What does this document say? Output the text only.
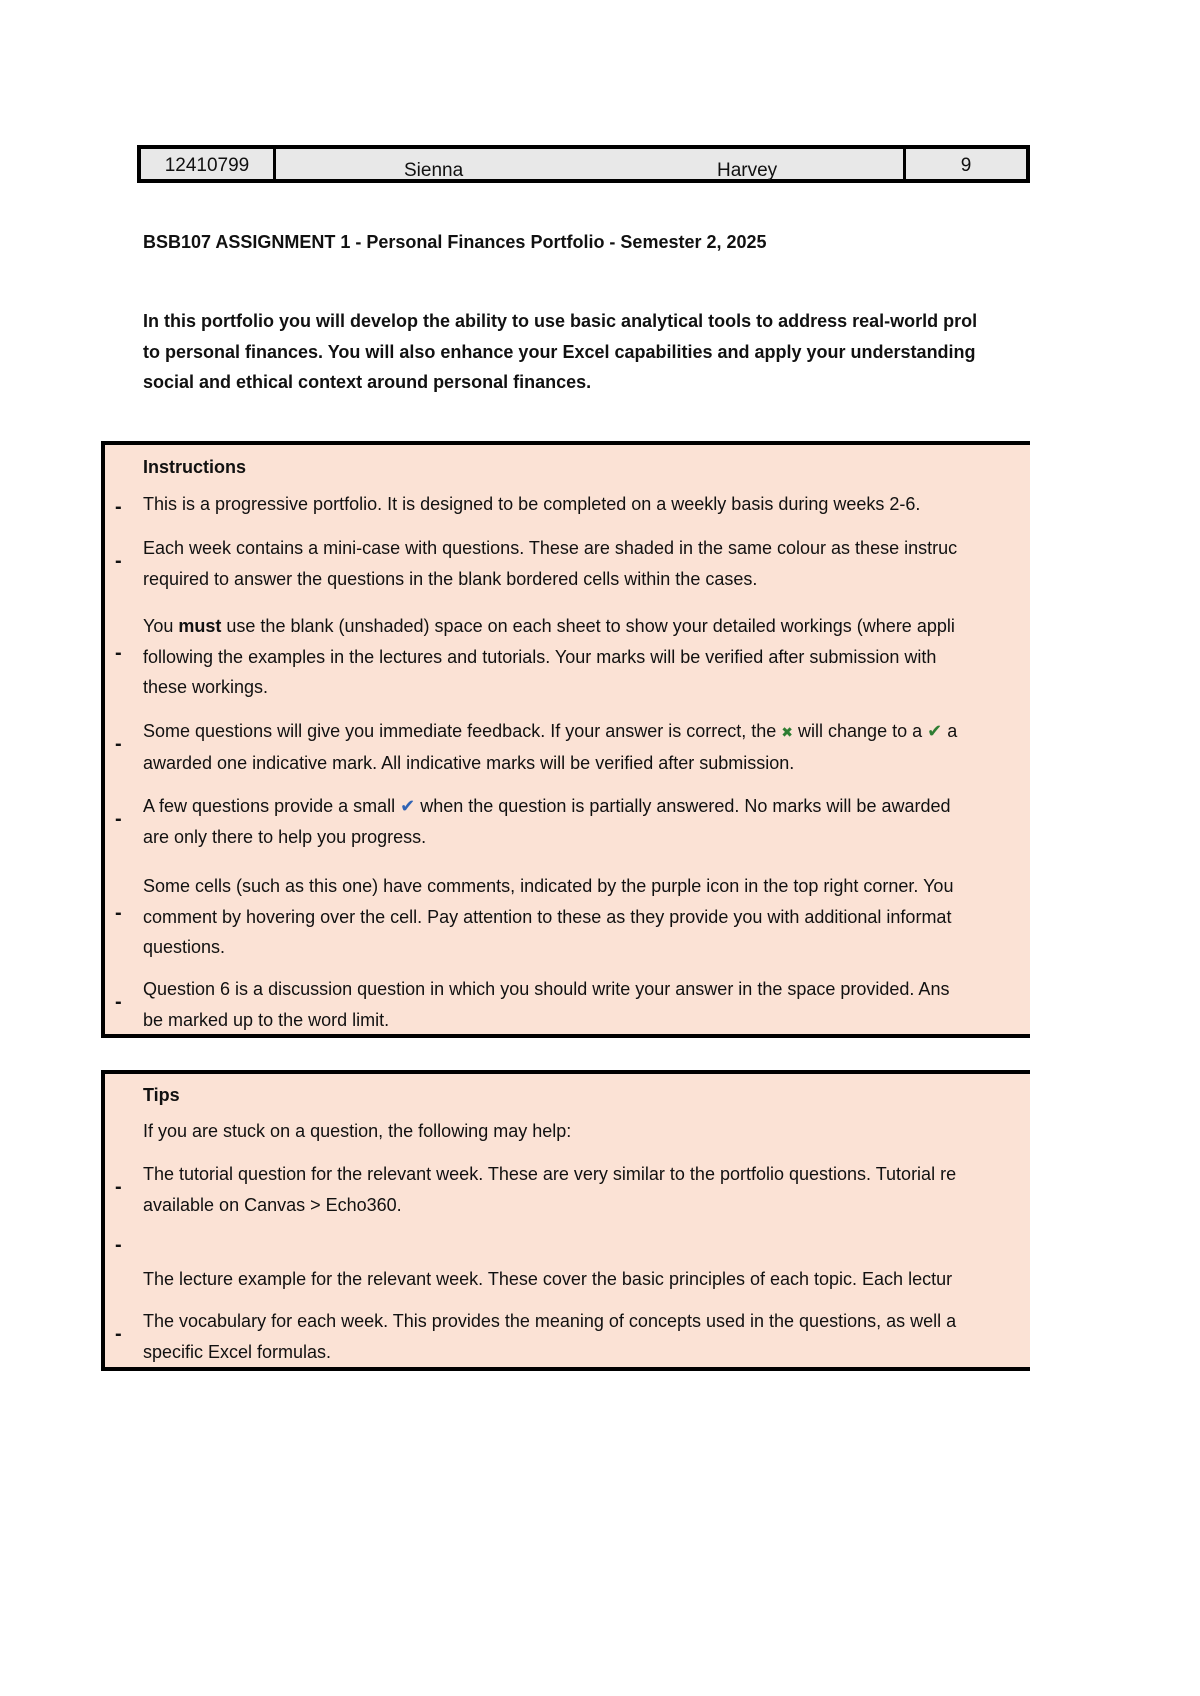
12410799	Sienna	Harvey	9
BSB107 ASSIGNMENT 1 - Personal Finances Portfolio - Semester 2, 2025
In this portfolio you will develop the ability to use basic analytical tools to address real-world prol
to personal finances. You will also enhance your Excel capabilities and apply your understanding
social and ethical context around personal finances.
Instructions
- This is a progressive portfolio. It is designed to be completed on a weekly basis during weeks 2-6.
-
Each week contains a mini-case with questions. These are shaded in the same colour as these instruc
required to answer the questions in the blank bordered cells within the cases.
-
You must use the blank (unshaded) space on each sheet to show your detailed workings (where appli
following the examples in the lectures and tutorials. Your marks will be verified after submission with
these workings.
-
Some questions will give you immediate feedback. If your answer is correct, the ✖ will change to a ✔ a
awarded one indicative mark. All indicative marks will be verified after submission.
-
A few questions provide a small ✔ when the question is partially answered. No marks will be awarded
are only there to help you progress.
-
Some cells (such as this one) have comments, indicated by the purple icon in the top right corner. You
comment by hovering over the cell. Pay attention to these as they provide you with additional informat
questions.
-
Question 6 is a discussion question in which you should write your answer in the space provided. Ans
be marked up to the word limit.
Tips
If you are stuck on a question, the following may help:
-
The tutorial question for the relevant week. These are very similar to the portfolio questions. Tutorial re
available on Canvas > Echo360.
-
The lecture example for the relevant week. These cover the basic principles of each topic. Each lectur
-
The vocabulary for each week. This provides the meaning of concepts used in the questions, as well a
specific Excel formulas.
